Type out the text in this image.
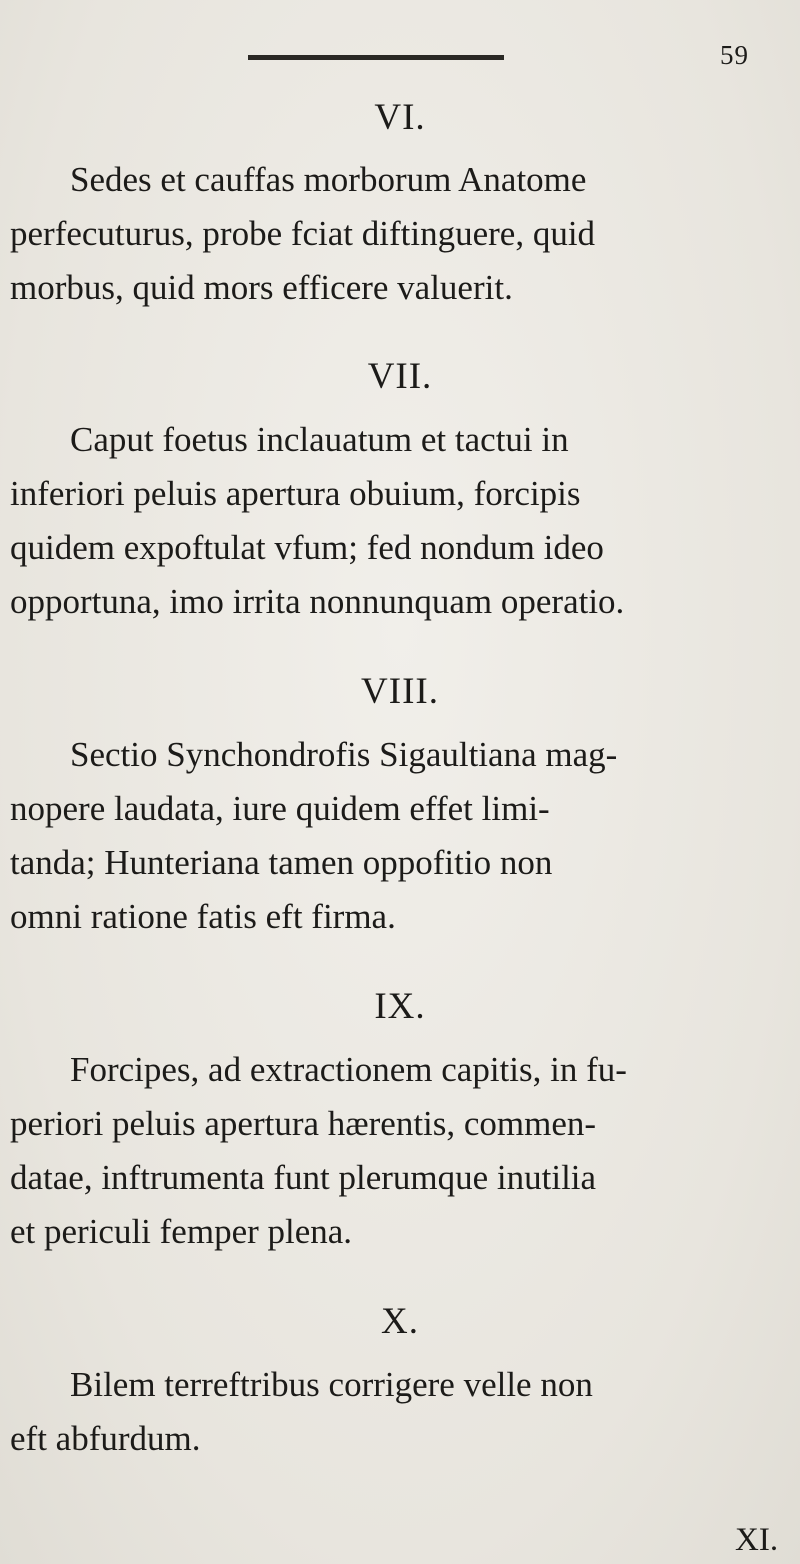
59
VI.
Sedes et cauffas morborum Anatome
perfecuturus, probe fciat diftinguere, quid
morbus, quid mors efficere valuerit.
VII.
Caput foetus inclauatum et tactui in
inferiori peluis apertura obuium, forcipis
quidem expoftulat vfum; fed nondum ideo
opportuna, imo irrita nonnunquam operatio.
VIII.
Sectio Synchondrofis Sigaultiana mag-
nopere laudata, iure quidem effet limi-
tanda; Hunteriana tamen oppofitio non
omni ratione fatis eft firma.
IX.
Forcipes, ad extractionem capitis, in fu-
periori peluis apertura hærentis, commen-
datae, inftrumenta funt plerumque inutilia
et periculi femper plena.
X.
Bilem terreftribus corrigere velle non
eft abfurdum.
XI.
